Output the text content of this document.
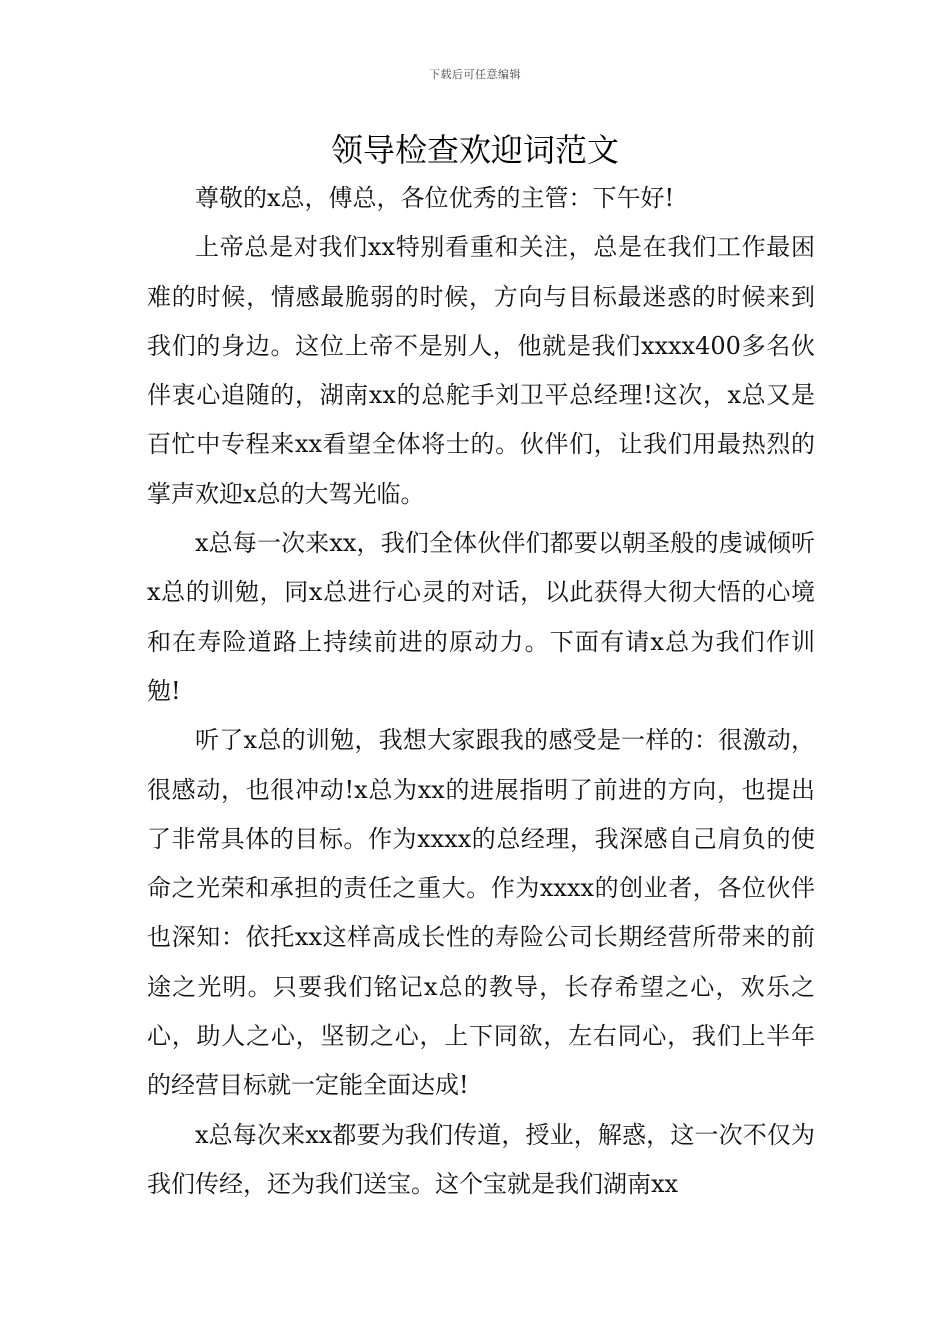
下载后可任意编辑
领导检查欢迎词范文

尊敬的x总，傅总，各位优秀的主管：下午好!

上帝总是对我们xx特别看重和关注，总是在我们工作最困难的时候，情感最脆弱的时候，方向与目标最迷惑的时候来到我们的身边。这位上帝不是别人，他就是我们xxxx400多名伙伴衷心追随的，湖南xx的总舵手刘卫平总经理!这次，x总又是百忙中专程来xx看望全体将士的。伙伴们，让我们用最热烈的掌声欢迎x总的大驾光临。

x总每一次来xx，我们全体伙伴们都要以朝圣般的虔诚倾听x总的训勉，同x总进行心灵的对话，以此获得大彻大悟的心境和在寿险道路上持续前进的原动力。下面有请x总为我们作训勉!

听了x总的训勉，我想大家跟我的感受是一样的：很激动，很感动，也很冲动!x总为xx的进展指明了前进的方向，也提出了非常具体的目标。作为xxxx的总经理，我深感自己肩负的使命之光荣和承担的责任之重大。作为xxxx的创业者，各位伙伴也深知：依托xx这样高成长性的寿险公司长期经营所带来的前途之光明。只要我们铭记x总的教导，长存希望之心，欢乐之心，助人之心，坚韧之心，上下同欲，左右同心，我们上半年的经营目标就一定能全面达成!

x总每次来xx都要为我们传道，授业，解惑，这一次不仅为我们传经，还为我们送宝。这个宝就是我们湖南xx
